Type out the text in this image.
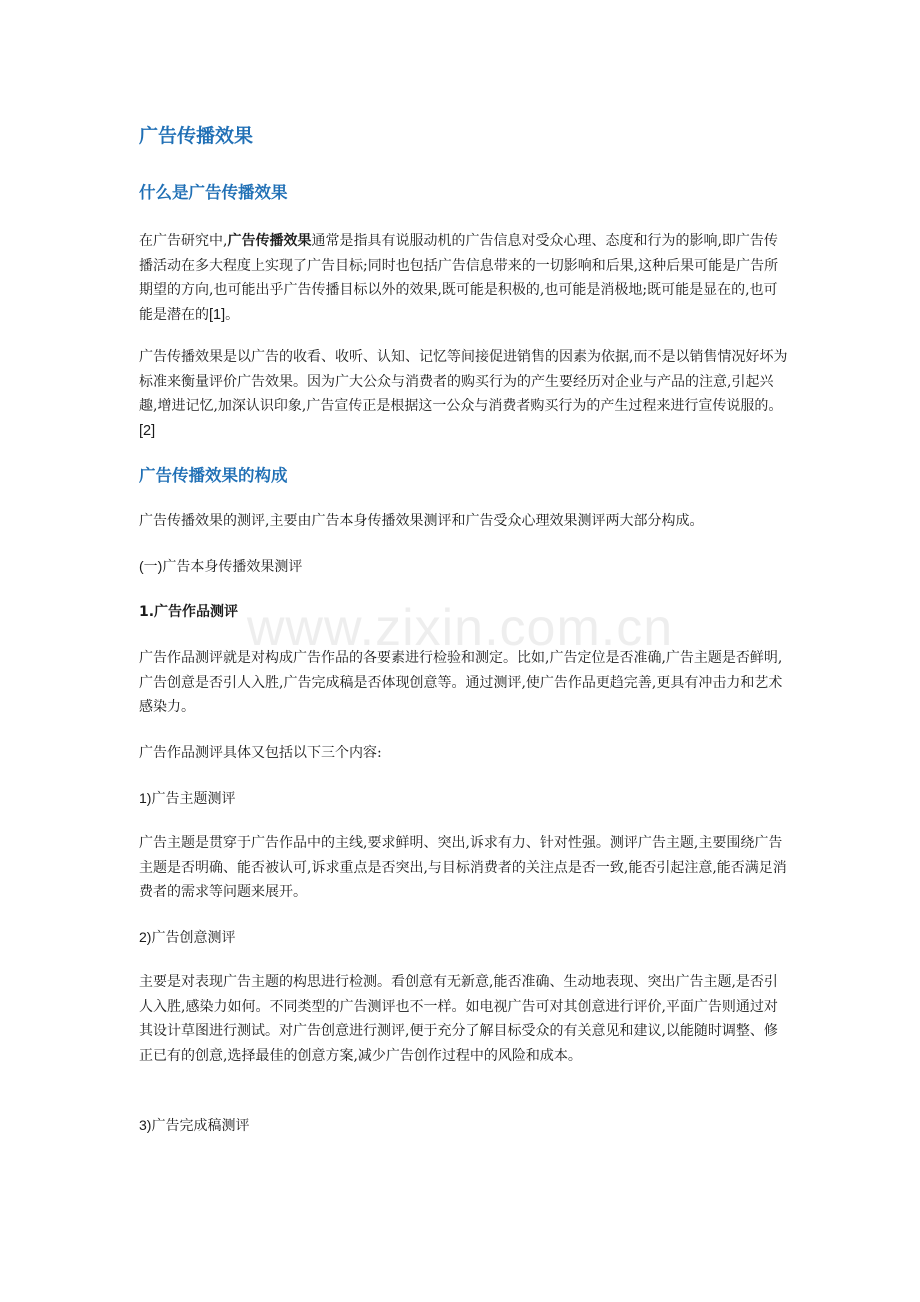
www.zixin.com.cn
广告传播效果
什么是广告传播效果

在广告研究中,广告传播效果通常是指具有说服动机的广告信息对受众心理、态度和行为的影响,即广告传播活动在多大程度上实现了广告目标;同时也包括广告信息带来的一切影响和后果,这种后果可能是广告所期望的方向,也可能出乎广告传播目标以外的效果,既可能是积极的,也可能是消极地;既可能是显在的,也可能是潜在的[1]。

广告传播效果是以广告的收看、收听、认知、记忆等间接促进销售的因素为依据,而不是以销售情况好坏为标准来衡量评价广告效果。因为广大公众与消费者的购买行为的产生要经历对企业与产品的注意,引起兴趣,增进记忆,加深认识印象,广告宣传正是根据这一公众与消费者购买行为的产生过程来进行宣传说服的。[2]

广告传播效果的构成

广告传播效果的测评,主要由广告本身传播效果测评和广告受众心理效果测评两大部分构成。

(一)广告本身传播效果测评
1.广告作品测评

广告作品测评就是对构成广告作品的各要素进行检验和测定。比如,广告定位是否准确,广告主题是否鲜明,广告创意是否引人入胜,广告完成稿是否体现创意等。通过测评,使广告作品更趋完善,更具有冲击力和艺术感染力。

广告作品测评具体又包括以下三个内容:

1)广告主题测评

广告主题是贯穿于广告作品中的主线,要求鲜明、突出,诉求有力、针对性强。测评广告主题,主要围绕广告主题是否明确、能否被认可,诉求重点是否突出,与目标消费者的关注点是否一致,能否引起注意,能否满足消费者的需求等问题来展开。

2)广告创意测评

主要是对表现广告主题的构思进行检测。看创意有无新意,能否准确、生动地表现、突出广告主题,是否引人入胜,感染力如何。不同类型的广告测评也不一样。如电视广告可对其创意进行评价,平面广告则通过对其设计草图进行测试。对广告创意进行测评,便于充分了解目标受众的有关意见和建议,以能随时调整、修正已有的创意,选择最佳的创意方案,减少广告创作过程中的风险和成本。

3)广告完成稿测评
